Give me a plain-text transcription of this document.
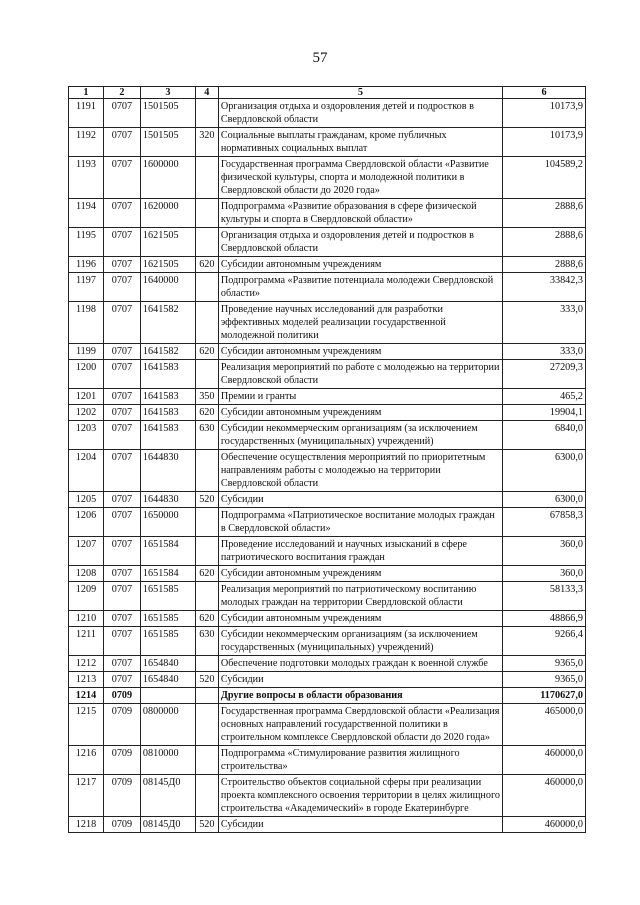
57
1	2	3	4	5	6
1191	0707	1501505		Организация отдыха и оздоровления детей и подростков в Свердловской области	10173,9
1192	0707	1501505	320	Социальные выплаты гражданам, кроме публичных нормативных социальных выплат	10173,9
1193	0707	1600000		Государственная программа Свердловской области «Развитие физической культуры, спорта и молодежной политики в Свердловской области до 2020 года»	104589,2
1194	0707	1620000		Подпрограмма «Развитие образования в сфере физической культуры и спорта в Свердловской области»	2888,6
1195	0707	1621505		Организация отдыха и оздоровления детей и подростков в Свердловской области	2888,6
1196	0707	1621505	620	Субсидии автономным учреждениям	2888,6
1197	0707	1640000		Подпрограмма «Развитие потенциала молодежи Свердловской области»	33842,3
1198	0707	1641582		Проведение научных исследований для разработки эффективных моделей реализации государственной молодежной политики	333,0
1199	0707	1641582	620	Субсидии автономным учреждениям	333,0
1200	0707	1641583		Реализация мероприятий по работе с молодежью на территории Свердловской области	27209,3
1201	0707	1641583	350	Премии и гранты	465,2
1202	0707	1641583	620	Субсидии автономным учреждениям	19904,1
1203	0707	1641583	630	Субсидии некоммерческим организациям (за исключением государственных (муниципальных) учреждений)	6840,0
1204	0707	1644830		Обеспечение осуществления мероприятий по приоритетным направлениям работы с молодежью на территории Свердловской области	6300,0
1205	0707	1644830	520	Субсидии	6300,0
1206	0707	1650000		Подпрограмма «Патриотическое воспитание молодых граждан в Свердловской области»	67858,3
1207	0707	1651584		Проведение исследований и научных изысканий в сфере патриотического воспитания граждан	360,0
1208	0707	1651584	620	Субсидии автономным учреждениям	360,0
1209	0707	1651585		Реализация мероприятий по патриотическому воспитанию молодых граждан на территории Свердловской области	58133,3
1210	0707	1651585	620	Субсидии автономным учреждениям	48866,9
1211	0707	1651585	630	Субсидии некоммерческим организациям (за исключением государственных (муниципальных) учреждений)	9266,4
1212	0707	1654840		Обеспечение подготовки молодых граждан к военной службе	9365,0
1213	0707	1654840	520	Субсидии	9365,0
1214	0709			Другие вопросы в области образования	1170627,0
1215	0709	0800000		Государственная программа Свердловской области «Реализация основных направлений государственной политики в строительном комплексе Свердловской области до 2020 года»	465000,0
1216	0709	0810000		Подпрограмма «Стимулирование развития жилищного строительства»	460000,0
1217	0709	08145Д0		Строительство объектов социальной сферы при реализации проекта комплексного освоения территории в целях жилищного строительства «Академический» в городе Екатеринбурге	460000,0
1218	0709	08145Д0	520	Субсидии	460000,0
